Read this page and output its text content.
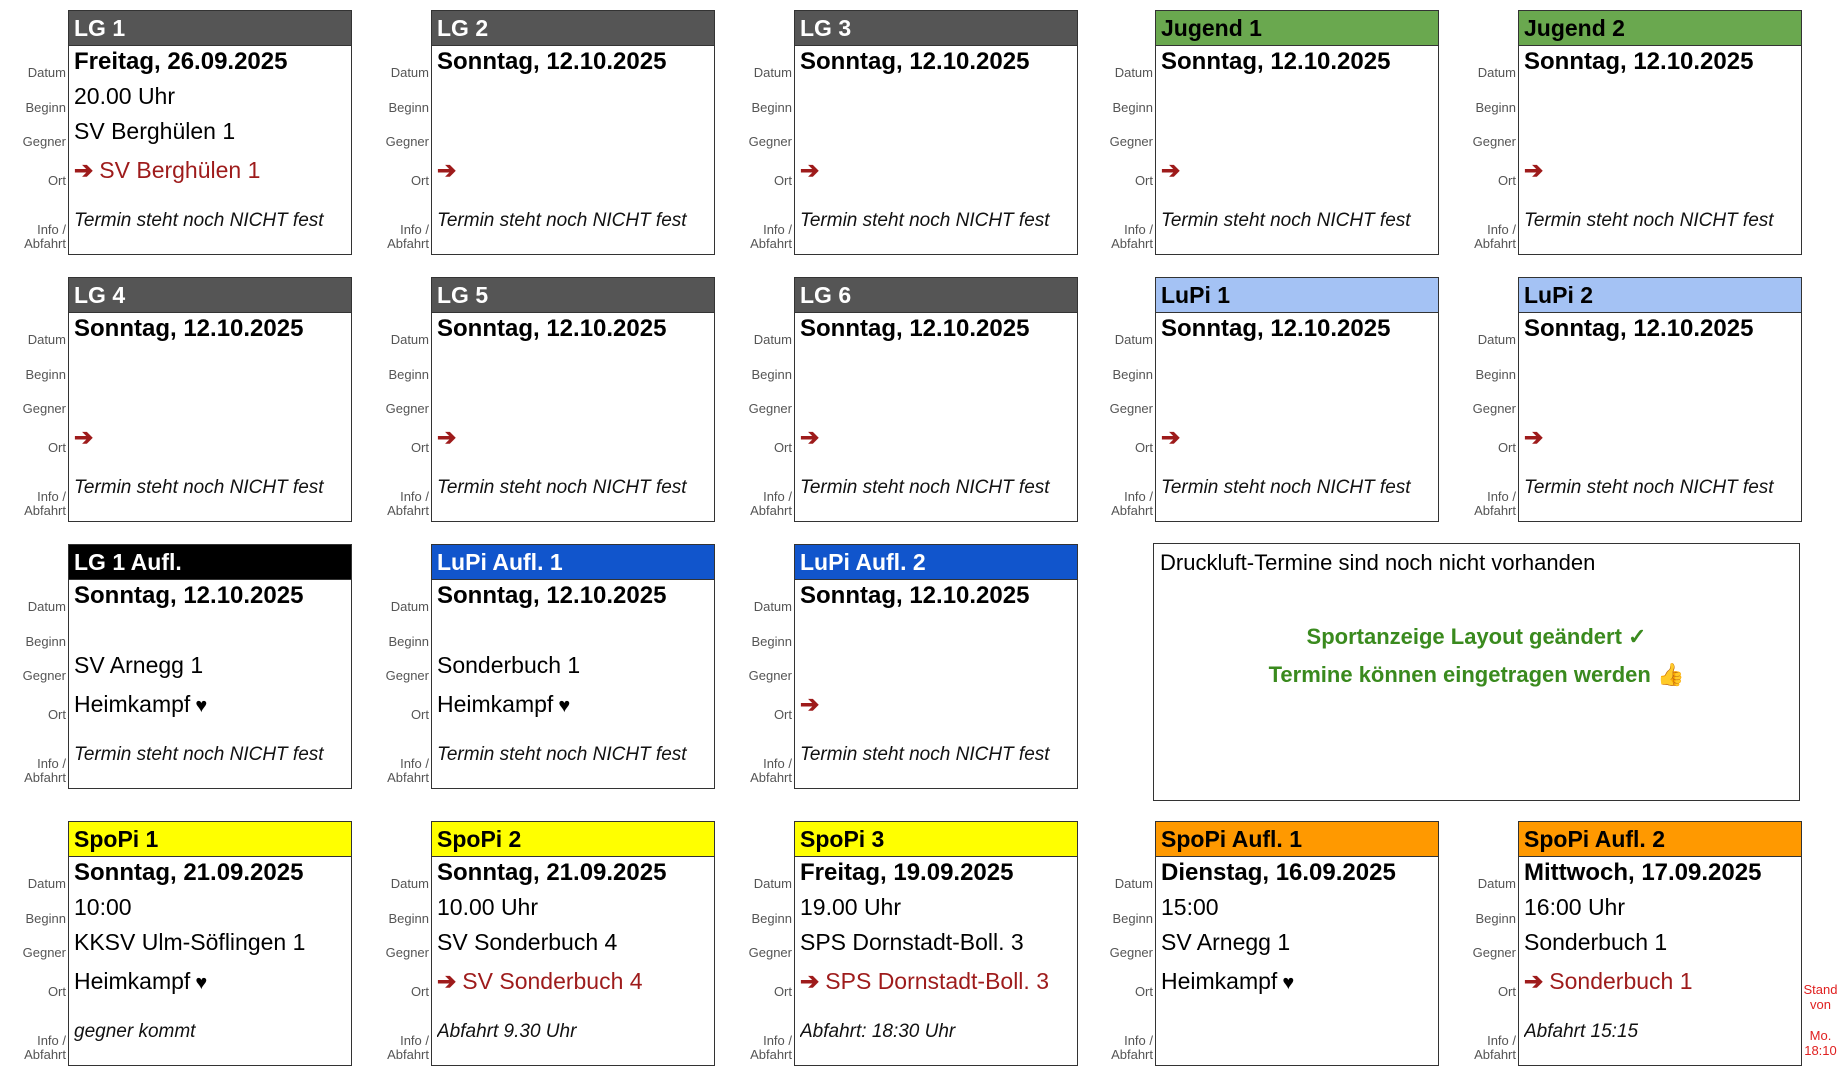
Datum
Beginn
Gegner
Ort
Info /
Abfahrt
LG 1
Freitag, 26.09.2025
20.00 Uhr
SV Berghülen 1
➔ SV Berghülen 1
Termin steht noch NICHT fest
Datum
Beginn
Gegner
Ort
Info /
Abfahrt
LG 2
Sonntag, 12.10.2025
➔
Termin steht noch NICHT fest
Datum
Beginn
Gegner
Ort
Info /
Abfahrt
LG 3
Sonntag, 12.10.2025
➔
Termin steht noch NICHT fest
Datum
Beginn
Gegner
Ort
Info /
Abfahrt
Jugend 1
Sonntag, 12.10.2025
➔
Termin steht noch NICHT fest
Datum
Beginn
Gegner
Ort
Info /
Abfahrt
Jugend 2
Sonntag, 12.10.2025
➔
Termin steht noch NICHT fest
Datum
Beginn
Gegner
Ort
Info /
Abfahrt
LG 4
Sonntag, 12.10.2025
➔
Termin steht noch NICHT fest
Datum
Beginn
Gegner
Ort
Info /
Abfahrt
LG 5
Sonntag, 12.10.2025
➔
Termin steht noch NICHT fest
Datum
Beginn
Gegner
Ort
Info /
Abfahrt
LG 6
Sonntag, 12.10.2025
➔
Termin steht noch NICHT fest
Datum
Beginn
Gegner
Ort
Info /
Abfahrt
LuPi 1
Sonntag, 12.10.2025
➔
Termin steht noch NICHT fest
Datum
Beginn
Gegner
Ort
Info /
Abfahrt
LuPi 2
Sonntag, 12.10.2025
➔
Termin steht noch NICHT fest
Datum
Beginn
Gegner
Ort
Info /
Abfahrt
LG 1 Aufl.
Sonntag, 12.10.2025
SV Arnegg 1
Heimkampf ♥
Termin steht noch NICHT fest
Datum
Beginn
Gegner
Ort
Info /
Abfahrt
LuPi Aufl. 1
Sonntag, 12.10.2025
Sonderbuch 1
Heimkampf ♥
Termin steht noch NICHT fest
Datum
Beginn
Gegner
Ort
Info /
Abfahrt
LuPi Aufl. 2
Sonntag, 12.10.2025
➔
Termin steht noch NICHT fest
Datum
Beginn
Gegner
Ort
Info /
Abfahrt
SpoPi 1
Sonntag, 21.09.2025
10:00
KKSV Ulm-Söflingen 1
Heimkampf ♥
gegner kommt
Datum
Beginn
Gegner
Ort
Info /
Abfahrt
SpoPi 2
Sonntag, 21.09.2025
10.00 Uhr
SV Sonderbuch 4
➔ SV Sonderbuch 4
Abfahrt 9.30 Uhr
Datum
Beginn
Gegner
Ort
Info /
Abfahrt
SpoPi 3
Freitag, 19.09.2025
19.00 Uhr
SPS Dornstadt-Boll. 3
➔ SPS Dornstadt-Boll. 3
Abfahrt: 18:30 Uhr
Datum
Beginn
Gegner
Ort
Info /
Abfahrt
SpoPi Aufl. 1
Dienstag, 16.09.2025
15:00
SV Arnegg 1
Heimkampf ♥
Datum
Beginn
Gegner
Ort
Info /
Abfahrt
SpoPi Aufl. 2
Mittwoch, 17.09.2025
16:00 Uhr
Sonderbuch 1
➔ Sonderbuch 1
Abfahrt 15:15
Druckluft-Termine sind noch nicht vorhanden
Sportanzeige Layout geändert ✓
Termine können eingetragen werden 👍
Stand
von
Mo.
18:10
